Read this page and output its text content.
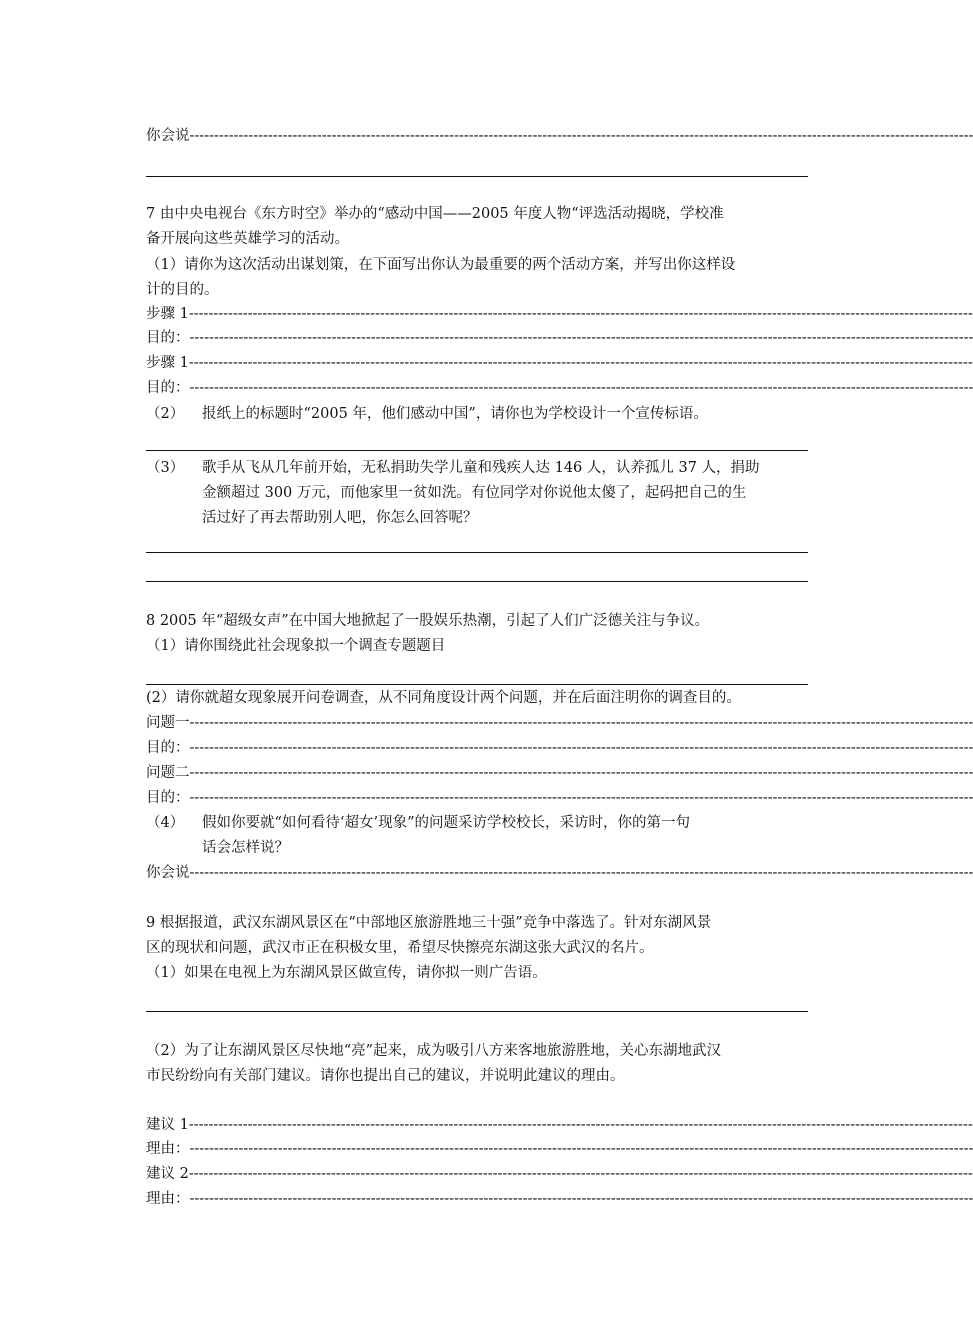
你会说----------------------------------------------------------------------------------------------------------------------------------------------------------------
7 由中央电视台《东方时空》举办的“感动中国——2005 年度人物“评选活动揭晓，学校准
备开展向这些英雄学习的活动。
（1）请你为这次活动出谋划策，在下面写出你认为最重要的两个活动方案，并写出你这样设
计的目的。
步骤 1----------------------------------------------------------------------------------------------------------------------------------------------------------------
目的：----------------------------------------------------------------------------------------------------------------------------------------------------------------
步骤 1----------------------------------------------------------------------------------------------------------------------------------------------------------------
目的：----------------------------------------------------------------------------------------------------------------------------------------------------------------
（2） 报纸上的标题时“2005 年，他们感动中国”，请你也为学校设计一个宣传标语。
（3） 歌手从飞从几年前开始，无私捐助失学儿童和残疾人达 146 人，认养孤儿 37 人，捐助
金额超过 300 万元，而他家里一贫如洗。有位同学对你说他太傻了，起码把自己的生
活过好了再去帮助别人吧，你怎么回答呢？
8 2005 年“超级女声”在中国大地掀起了一股娱乐热潮，引起了人们广泛德关注与争议。
（1）请你围绕此社会现象拟一个调查专题题目
(2）请你就超女现象展开问卷调查，从不同角度设计两个问题，并在后面注明你的调查目的。
问题一----------------------------------------------------------------------------------------------------------------------------------------------------------------
目的：----------------------------------------------------------------------------------------------------------------------------------------------------------------
问题二----------------------------------------------------------------------------------------------------------------------------------------------------------------
目的：----------------------------------------------------------------------------------------------------------------------------------------------------------------
（4） 假如你要就“如何看待‘超女’现象”的问题采访学校校长，采访时，你的第一句
话会怎样说？
你会说----------------------------------------------------------------------------------------------------------------------------------------------------------------
9 根据报道，武汉东湖风景区在“中部地区旅游胜地三十强”竞争中落选了。针对东湖风景
区的现状和问题，武汉市正在积极女里，希望尽快擦亮东湖这张大武汉的名片。
（1）如果在电视上为东湖风景区做宣传，请你拟一则广告语。
（2）为了让东湖风景区尽快地“亮”起来，成为吸引八方来客地旅游胜地，关心东湖地武汉
市民纷纷向有关部门建议。请你也提出自己的建议，并说明此建议的理由。
建议 1----------------------------------------------------------------------------------------------------------------------------------------------------------------
理由：----------------------------------------------------------------------------------------------------------------------------------------------------------------
建议 2----------------------------------------------------------------------------------------------------------------------------------------------------------------
理由：----------------------------------------------------------------------------------------------------------------------------------------------------------------
